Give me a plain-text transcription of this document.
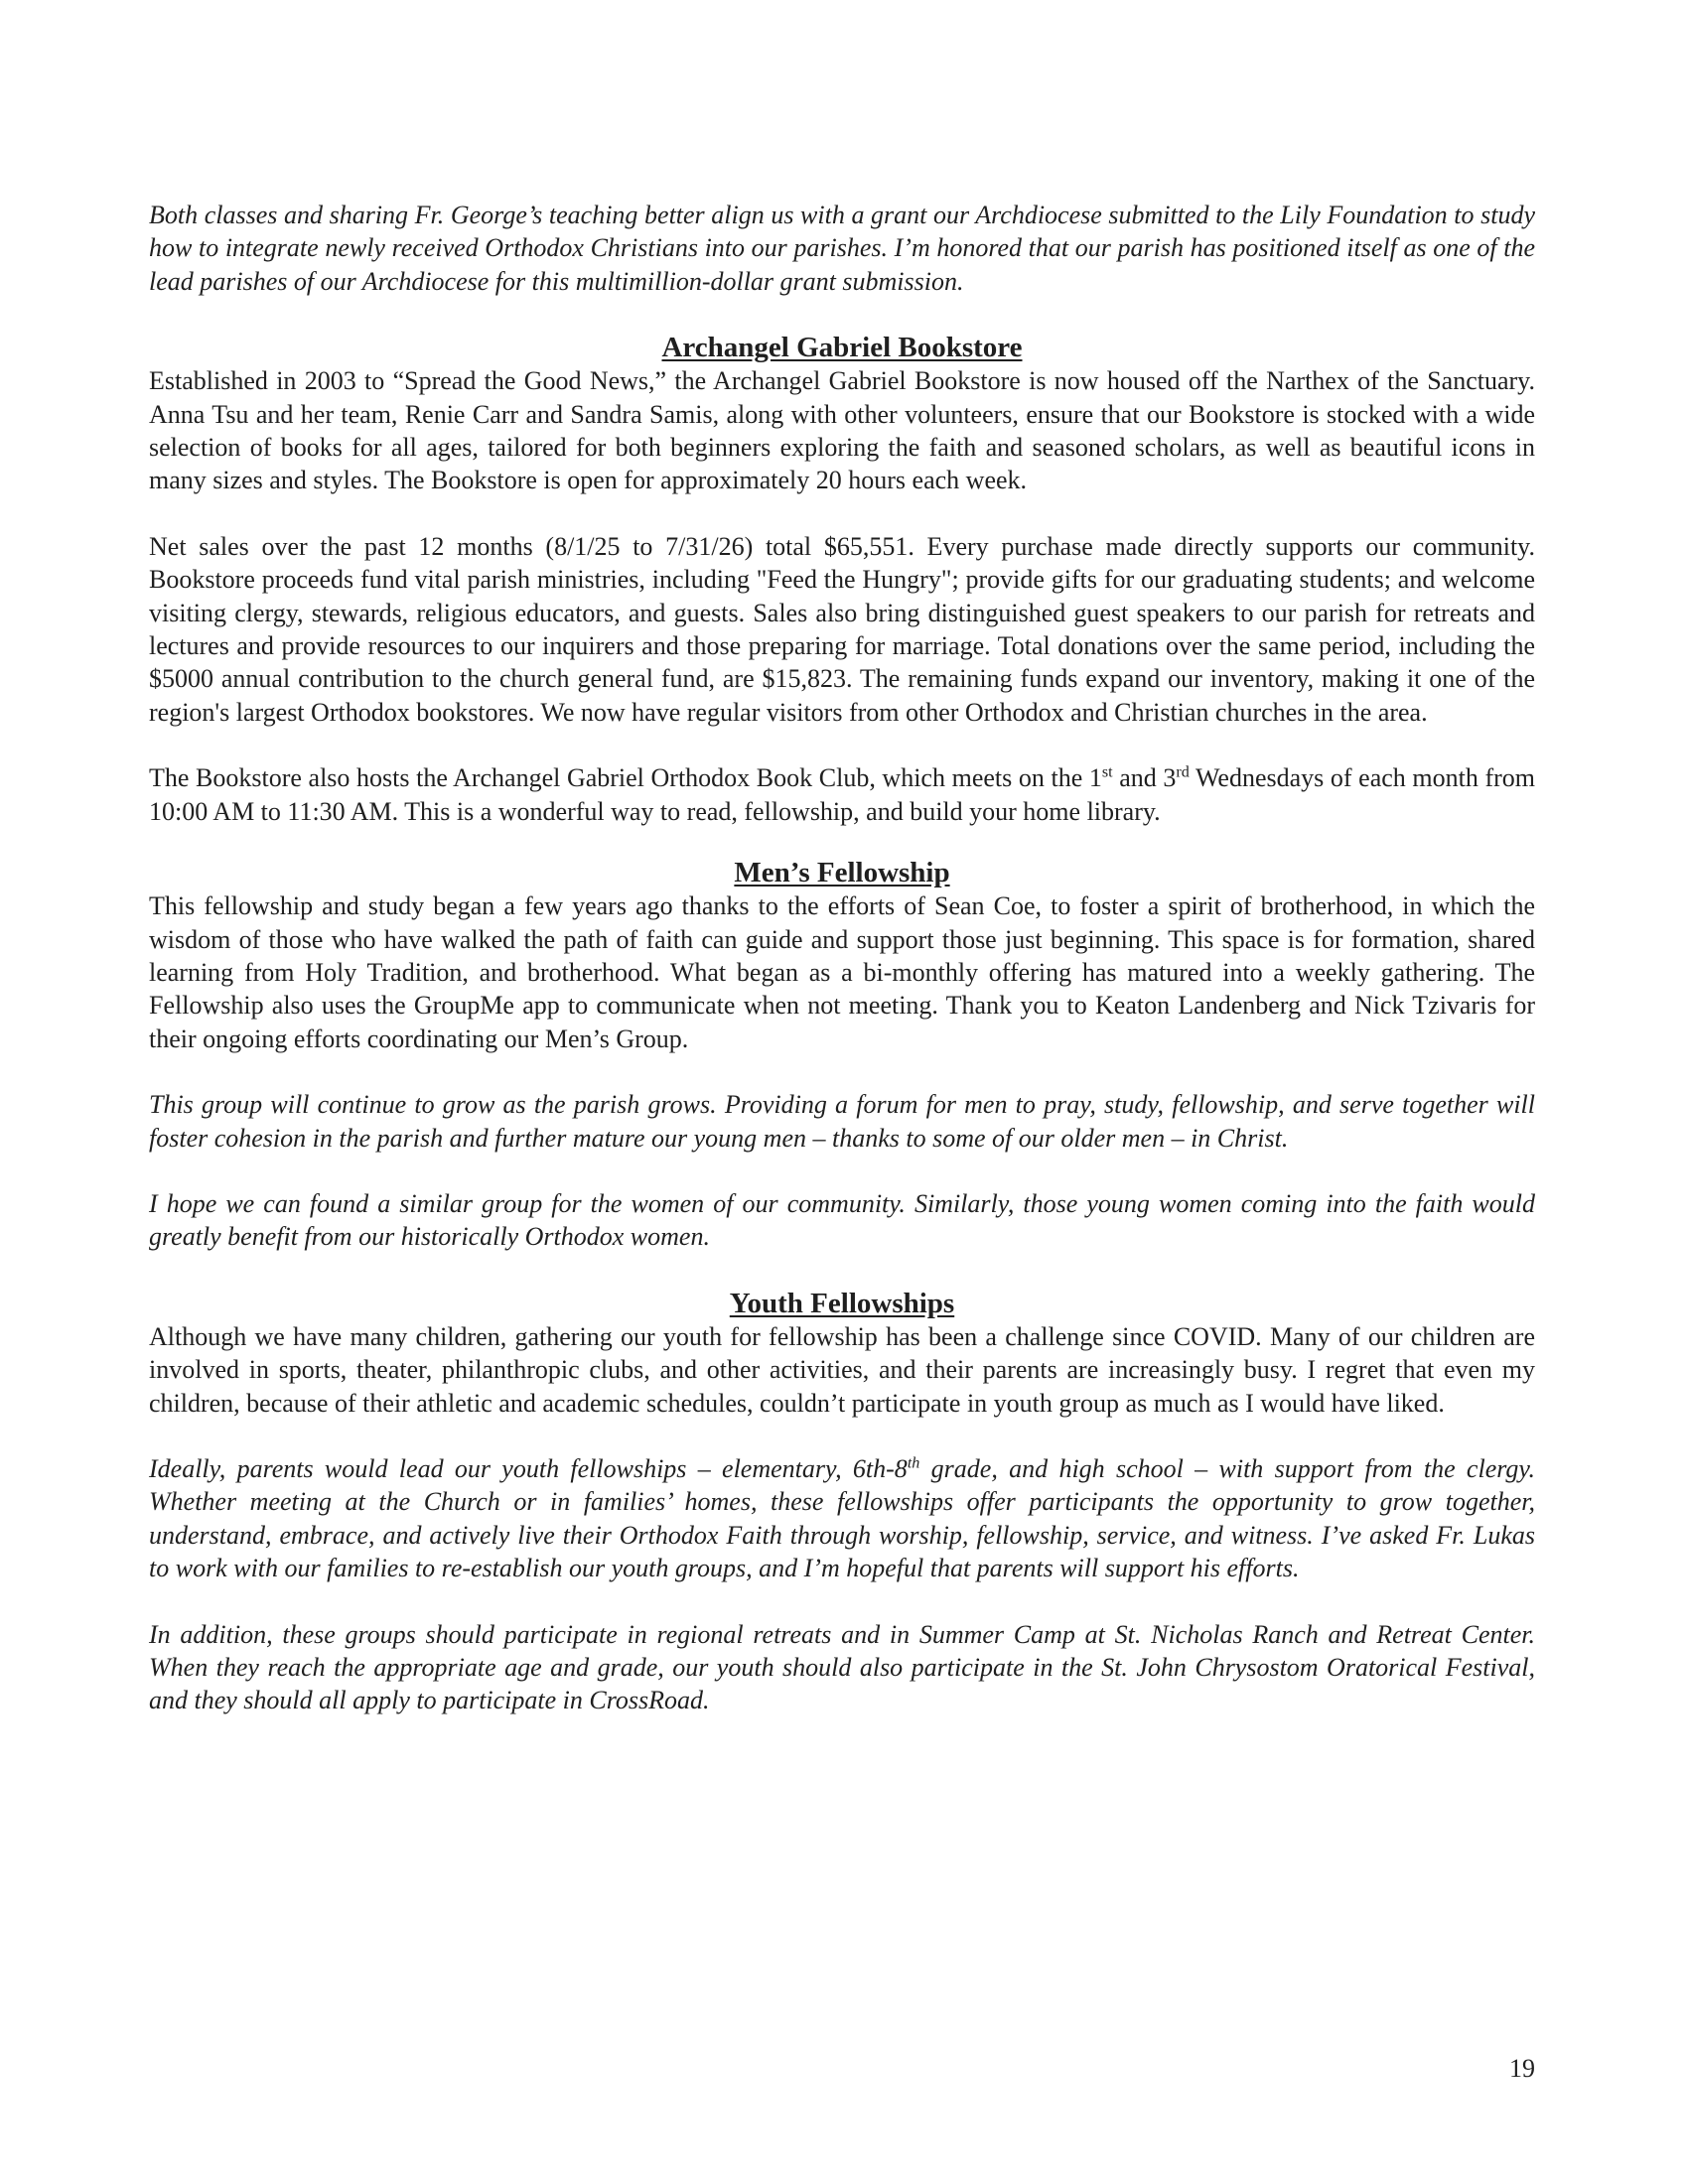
Both classes and sharing Fr. George’s teaching better align us with a grant our Archdiocese submitted to the Lily Foundation to study how to integrate newly received Orthodox Christians into our parishes. I’m honored that our parish has positioned itself as one of the lead parishes of our Archdiocese for this multimillion-dollar grant submission.

Archangel Gabriel Bookstore

Established in 2003 to “Spread the Good News,” the Archangel Gabriel Bookstore is now housed off the Narthex of the Sanctuary. Anna Tsu and her team, Renie Carr and Sandra Samis, along with other volunteers, ensure that our Bookstore is stocked with a wide selection of books for all ages, tailored for both beginners exploring the faith and seasoned scholars, as well as beautiful icons in many sizes and styles. The Bookstore is open for approximately 20 hours each week.

Net sales over the past 12 months (8/1/25 to 7/31/26) total $65,551. Every purchase made directly supports our community. Bookstore proceeds fund vital parish ministries, including "Feed the Hungry"; provide gifts for our graduating students; and welcome visiting clergy, stewards, religious educators, and guests. Sales also bring distinguished guest speakers to our parish for retreats and lectures and provide resources to our inquirers and those preparing for marriage. Total donations over the same period, including the $5000 annual contribution to the church general fund, are $15,823. The remaining funds expand our inventory, making it one of the region's largest Orthodox bookstores. We now have regular visitors from other Orthodox and Christian churches in the area.

The Bookstore also hosts the Archangel Gabriel Orthodox Book Club, which meets on the 1st and 3rd Wednesdays of each month from 10:00 AM to 11:30 AM. This is a wonderful way to read, fellowship, and build your home library.

Men’s Fellowship

This fellowship and study began a few years ago thanks to the efforts of Sean Coe, to foster a spirit of brotherhood, in which the wisdom of those who have walked the path of faith can guide and support those just beginning. This space is for formation, shared learning from Holy Tradition, and brotherhood. What began as a bi-monthly offering has matured into a weekly gathering. The Fellowship also uses the GroupMe app to communicate when not meeting. Thank you to Keaton Landenberg and Nick Tzivaris for their ongoing efforts coordinating our Men’s Group.

This group will continue to grow as the parish grows. Providing a forum for men to pray, study, fellowship, and serve together will foster cohesion in the parish and further mature our young men – thanks to some of our older men – in Christ.

I hope we can found a similar group for the women of our community. Similarly, those young women coming into the faith would greatly benefit from our historically Orthodox women.

Youth Fellowships

Although we have many children, gathering our youth for fellowship has been a challenge since COVID. Many of our children are involved in sports, theater, philanthropic clubs, and other activities, and their parents are increasingly busy. I regret that even my children, because of their athletic and academic schedules, couldn’t participate in youth group as much as I would have liked.

Ideally, parents would lead our youth fellowships – elementary, 6th-8th grade, and high school – with support from the clergy. Whether meeting at the Church or in families’ homes, these fellowships offer participants the opportunity to grow together, understand, embrace, and actively live their Orthodox Faith through worship, fellowship, service, and witness. I’ve asked Fr. Lukas to work with our families to re-establish our youth groups, and I’m hopeful that parents will support his efforts.

In addition, these groups should participate in regional retreats and in Summer Camp at St. Nicholas Ranch and Retreat Center. When they reach the appropriate age and grade, our youth should also participate in the St. John Chrysostom Oratorical Festival, and they should all apply to participate in CrossRoad.

19
